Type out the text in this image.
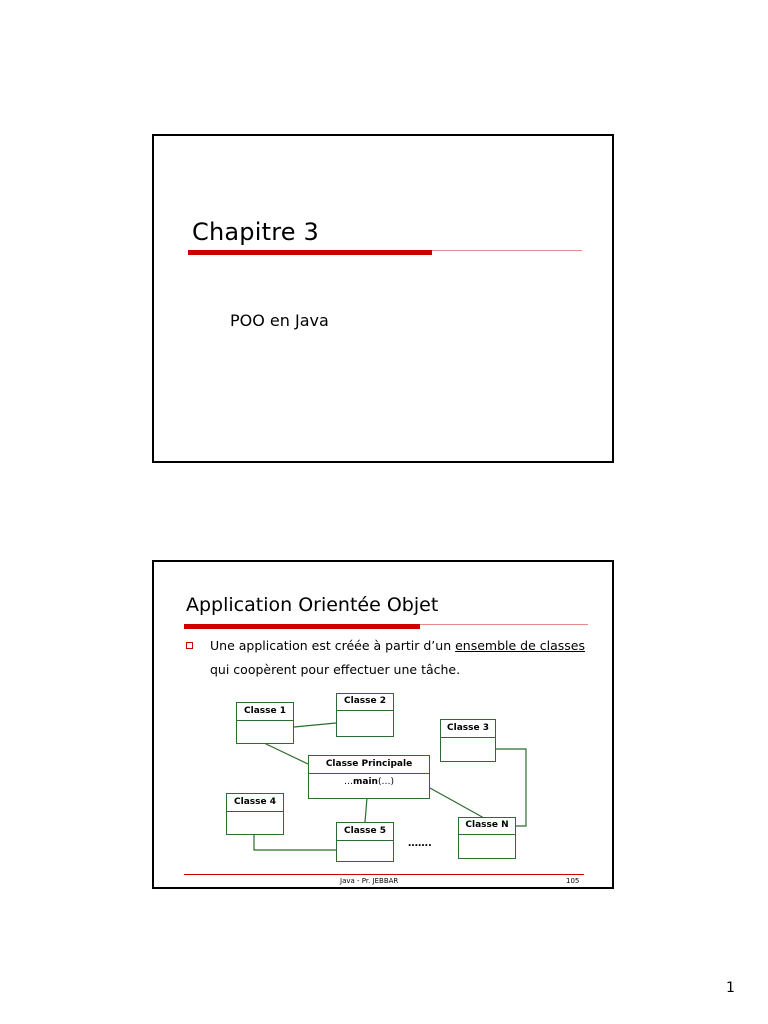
Chapitre 3
POO en Java
Application Orientée Objet
Une application est créée à partir d’un ensemble de classes qui coopèrent pour effectuer une tâche.
Classe 1
Classe 2
Classe 3
Classe Principale
…main(…)
Classe 4
Classe 5
Classe N
…….
Java - Pr. JEBBAR	105
1
